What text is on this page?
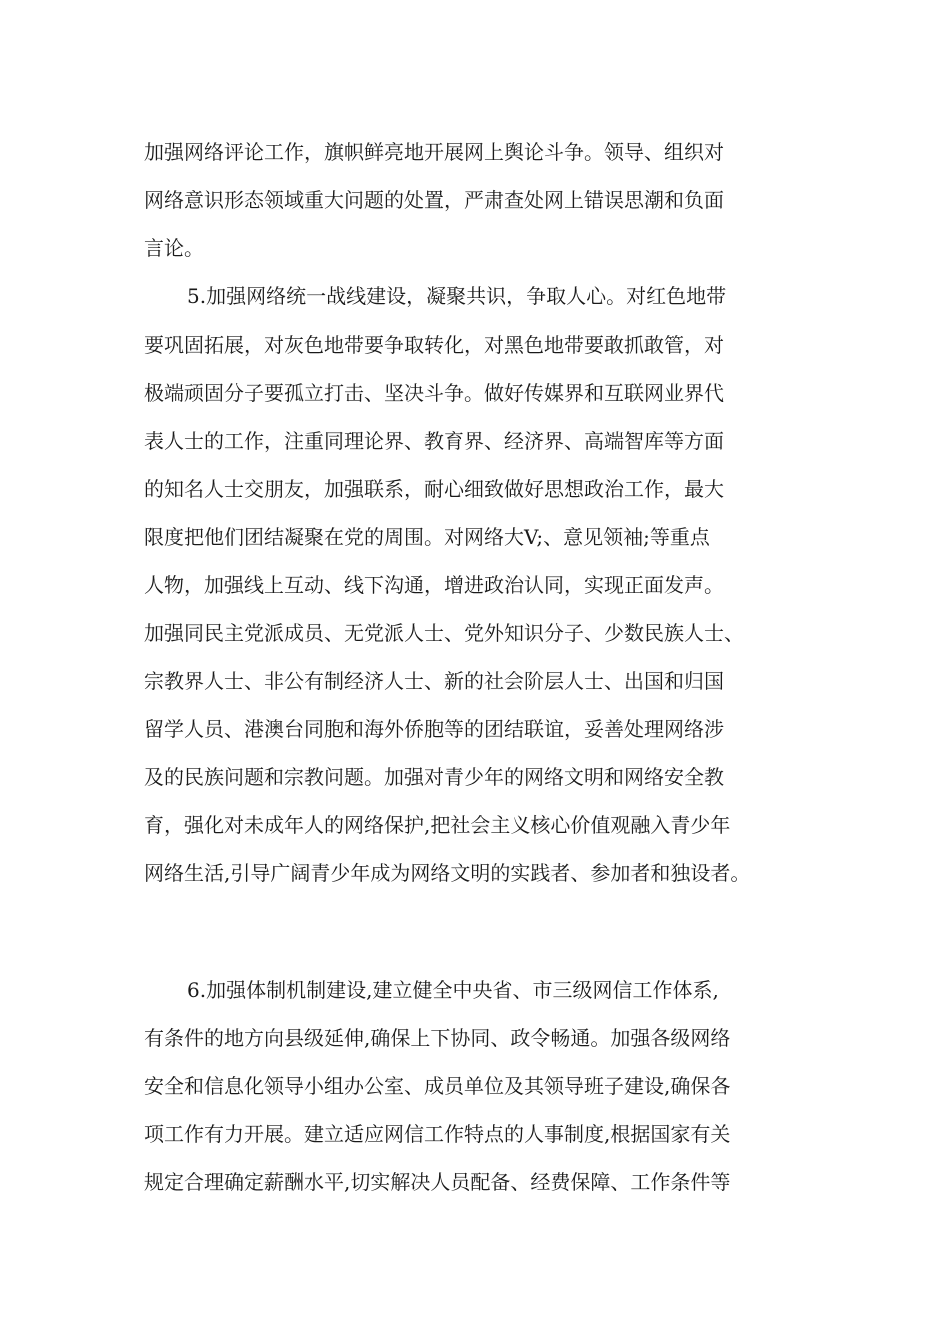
加强网络评论工作，旗帜鲜亮地开展网上舆论斗争。领导、组织对
网络意识形态领域重大问题的处置，严肃查处网上错误思潮和负面
言论。
5.加强网络统一战线建设，凝聚共识，争取人心。对红色地带
要巩固拓展，对灰色地带要争取转化，对黑色地带要敢抓敢管，对
极端顽固分子要孤立打击、坚决斗争。做好传媒界和互联网业界代
表人士的工作，注重同理论界、教育界、经济界、高端智库等方面
的知名人士交朋友，加强联系，耐心细致做好思想政治工作，最大
限度把他们团结凝聚在党的周围。对网络大V;、意见领袖;等重点
人物，加强线上互动、线下沟通，增进政治认同，实现正面发声。
加强同民主党派成员、无党派人士、党外知识分子、少数民族人士、
宗教界人士、非公有制经济人士、新的社会阶层人士、出国和归国
留学人员、港澳台同胞和海外侨胞等的团结联谊，妥善处理网络涉
及的民族问题和宗教问题。加强对青少年的网络文明和网络安全教
育，强化对未成年人的网络保护,把社会主义核心价值观融入青少年
网络生活,引导广阔青少年成为网络文明的实践者、参加者和独设者。
6.加强体制机制建设,建立健全中央省、市三级网信工作体系,
有条件的地方向县级延伸,确保上下协同、政令畅通。加强各级网络
安全和信息化领导小组办公室、成员单位及其领导班子建设,确保各
项工作有力开展。建立适应网信工作特点的人事制度,根据国家有关
规定合理确定薪酬水平,切实解决人员配备、经费保障、工作条件等
